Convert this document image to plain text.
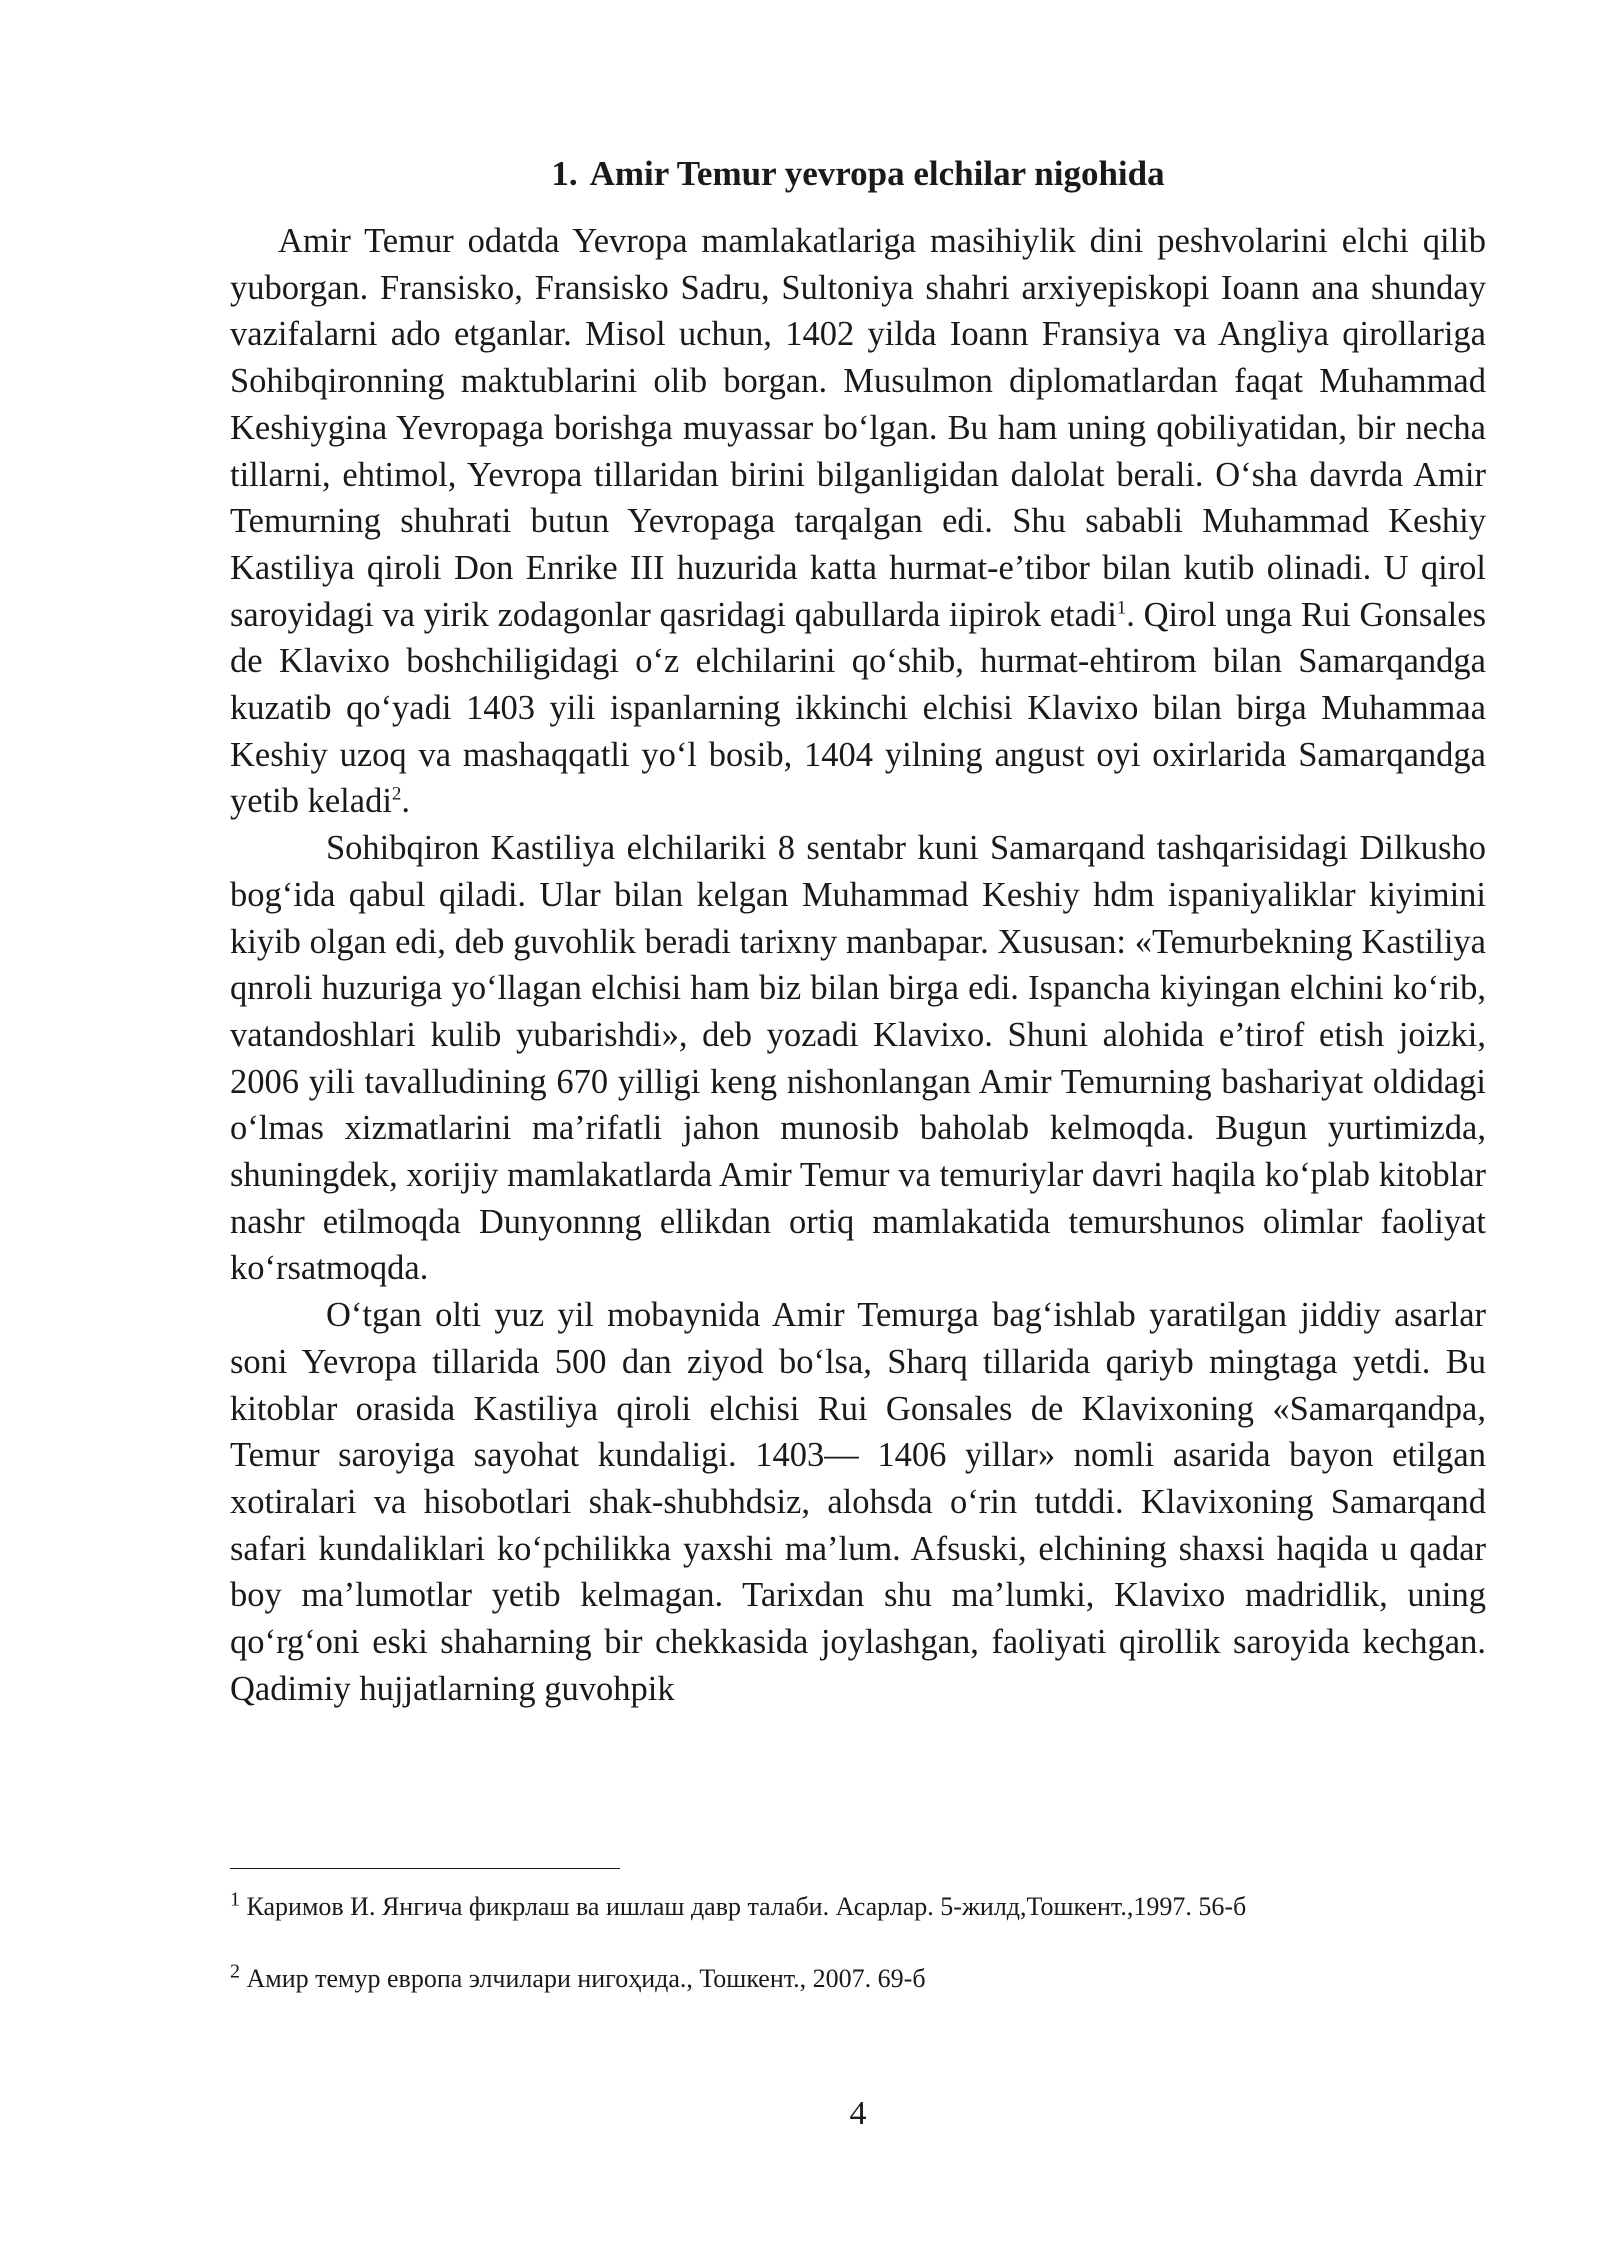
1. Amir Temur yevropa elchilar nigohida

Amir Temur odatda Yevropa mamlakatlariga masihiylik dini peshvolarini elchi qilib yuborgan. Fransisko, Fransisko Sadru, Sultoniya shahri arxiyepiskopi Ioann ana shunday vazifalarni ado etganlar. Misol uchun, 1402 yilda Ioann Fransiya va Angliya qirollariga Sohibqironning maktublarini olib borgan. Musulmon diplomatlardan faqat Muhammad Keshiygina Yevropaga borishga muyassar bo‘lgan. Bu ham uning qobiliyatidan, bir necha tillarni, ehtimol, Yevropa tillaridan birini bilganligidan dalolat berali. O‘sha davrda Amir Temurning shuhrati butun Yevropaga tarqalgan edi. Shu sababli Muhammad Keshiy Kastiliya qiroli Don Enrike III huzurida katta hurmat-e’tibor bilan kutib olinadi. U qirol saroyidagi va yirik zodagonlar qasridagi qabullarda iipirok etadi$^1$. Qirol unga Rui Gonsales de Klavixo boshchiligidagi o‘z elchilarini qo‘shib, hurmat-ehtirom bilan Samarqandga kuzatib qo‘yadi 1403 yili ispanlarning ikkinchi elchisi Klavixo bilan birga Muhammaa Keshiy uzoq va mashaqqatli yo‘l bosib, 1404 yilning angust oyi oxirlarida Samarqandga yetib keladi$^2$.

Sohibqiron Kastiliya elchilariki 8 sentabr kuni Samarqand tashqarisidagi Dilkusho bog‘ida qabul qiladi. Ular bilan kelgan Muhammad Keshiy hdm ispaniyaliklar kiyimini kiyib olgan edi, deb guvohlik beradi tarixny manbapar. Xususan: «Temurbekning Kastiliya qnroli huzuriga yo‘llagan elchisi ham biz bilan birga edi. Ispancha kiyingan elchini ko‘rib, vatandoshlari kulib yubarishdi», deb yozadi Klavixo. Shuni alohida e’tirof etish joizki, 2006 yili tavalludining 670 yilligi keng nishonlangan Amir Temurning bashariyat oldidagi o‘lmas xizmatlarini ma’rifatli jahon munosib baholab kelmoqda. Bugun yurtimizda, shuningdek, xorijiy mamlakatlarda Amir Temur va temuriylar davri haqila ko‘plab kitoblar nashr etilmoqda Dunyonnng ellikdan ortiq mamlakatida temurshunos olimlar faoliyat ko‘rsatmoqda.

O‘tgan olti yuz yil mobaynida Amir Temurga bag‘ishlab yaratilgan jiddiy asarlar soni Yevropa tillarida 500 dan ziyod bo‘lsa, Sharq tillarida qariyb mingtaga yetdi. Bu kitoblar orasida Kastiliya qiroli elchisi Rui Gonsales de Klavixoning «Samarqandpa, Temur saroyiga sayohat kundaligi. 1403— 1406 yillar» nomli asarida bayon etilgan xotiralari va hisobotlari shak-shubhdsiz, alohsda o‘rin tutddi. Klavixoning Samarqand safari kundaliklari ko‘pchilikka yaxshi ma’lum. Afsuski, elchining shaxsi haqida u qadar boy ma’lumotlar yetib kelmagan. Tarixdan shu ma’lumki, Klavixo madridlik, uning qo‘rg‘oni eski shaharning bir chekkasida joylashgan, faoliyati qirollik saroyida kechgan. Qadimiy hujjatlarning guvohpik

$^1$ Каримов И. Янгича фикрлаш ва ишлаш давр талаби. Асарлар. 5-жилд,Тошкент.,1997. 56-б

$^2$ Амир темур европа элчилари нигоҳида., Тошкент., 2007. 69-б

4
